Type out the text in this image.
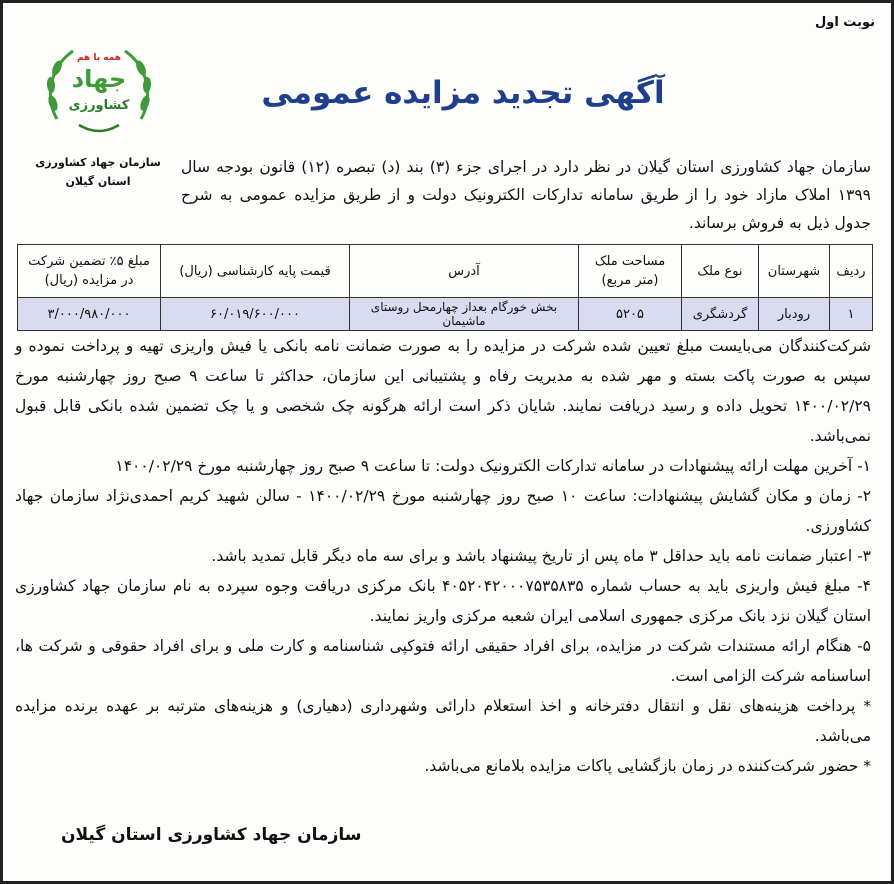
نوبت اول
همه با هم
جهاد
کشاورزی
سازمان جهاد کشاورزی
استان گیلان
آگهی تجدید مزایده عمومی
سازمان جهاد کشاورزی استان گیلان در نظر دارد در اجرای جزء (۳) بند (د) تبصره (۱۲) قانون بودجه سال ۱۳۹۹ املاک مازاد خود را از طریق سامانه تدارکات الکترونیک دولت و از طریق مزایده عمومی به شرح جدول ذیل به فروش برساند.
ردیف	شهرستان	نوع ملک	مساحت ملک (متر مربع)	آدرس	قیمت پایه کارشناسی (ریال)	مبلغ ۵٪ تضمین شرکت در مزایده (ریال)
۱	رودبار	گردشگری	۵۲۰۵	بخش خورگام بعداز چهارمحل روستای ماشیمان	۶۰/۰۱۹/۶۰۰/۰۰۰	۳/۰۰۰/۹۸۰/۰۰۰

شرکت‌کنندگان می‌بایست مبلغ تعیین شده شرکت در مزایده را به صورت ضمانت نامه بانکی یا فیش واریزی تهیه و پرداخت نموده و سپس به صورت پاکت بسته و مهر شده به مدیریت رفاه و پشتیبانی این سازمان، حداکثر تا ساعت ۹ صبح روز چهارشنبه مورخ ۱۴۰۰/۰۲/۲۹ تحویل داده و رسید دریافت نمایند. شایان ذکر است ارائه هرگونه چک شخصی و یا چک تضمین شده بانکی قابل قبول نمی‌باشد.

۱- آخرین مهلت ارائه پیشنهادات در سامانه تدارکات الکترونیک دولت: تا ساعت ۹ صبح روز چهارشنبه مورخ ۱۴۰۰/۰۲/۲۹

۲- زمان و مکان گشایش پیشنهادات: ساعت ۱۰ صبح روز چهارشنبه مورخ ۱۴۰۰/۰۲/۲۹ - سالن شهید کریم احمدی‌نژاد سازمان جهاد کشاورزی.

۳- اعتبار ضمانت نامه باید حداقل ۳ ماه پس از تاریخ پیشنهاد باشد و برای سه ماه دیگر قابل تمدید باشد.

۴- مبلغ فیش واریزی باید به حساب شماره ۴۰۵۲۰۴۲۰۰۰۷۵۳۵۸۳۵ بانک مرکزی دریافت وجوه سپرده به نام سازمان جهاد کشاورزی استان گیلان نزد بانک مرکزی جمهوری اسلامی ایران شعبه مرکزی واریز نمایند.

۵- هنگام ارائه مستندات شرکت در مزایده، برای افراد حقیقی ارائه فتوکپی شناسنامه و کارت ملی و برای افراد حقوقی و شرکت ها، اساسنامه شرکت الزامی است.

* پرداخت هزینه‌های نقل و انتقال دفترخانه و اخذ استعلام دارائی وشهرداری (دهیاری) و هزینه‌های مترتبه بر عهده برنده مزایده می‌باشد.

* حضور شرکت‌کننده در زمان بازگشایی پاکات مزایده بلامانع می‌باشد.

سازمان جهاد کشاورزی استان گیلان
